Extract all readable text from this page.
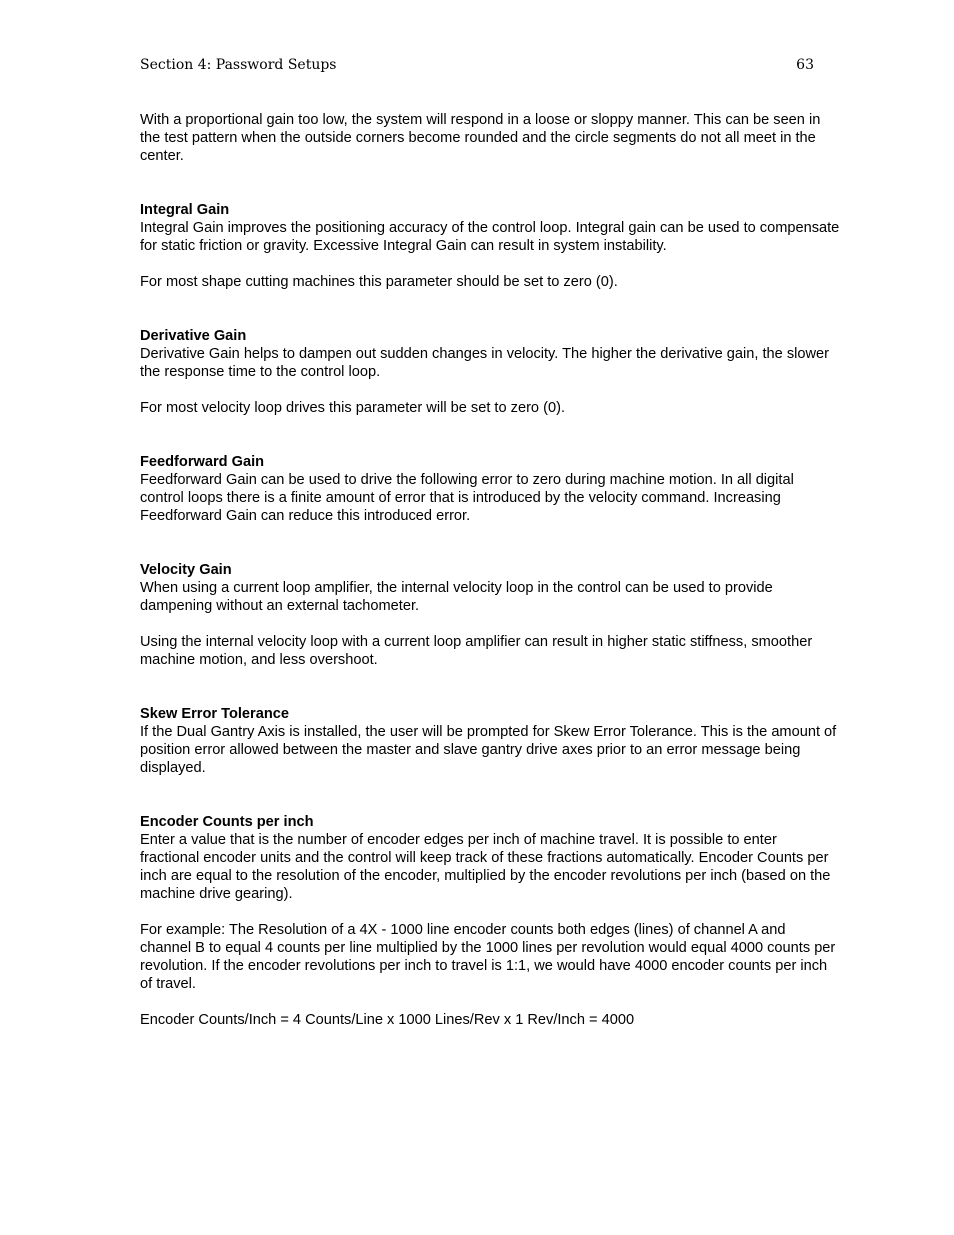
Section 4: Password Setups	63

With a proportional gain too low, the system will respond in a loose or sloppy manner. This can be seen in the test pattern when the outside corners become rounded and the circle segments do not all meet in the center.

Integral Gain

Integral Gain improves the positioning accuracy of the control loop. Integral gain can be used to compensate for static friction or gravity. Excessive Integral Gain can result in system instability.

For most shape cutting machines this parameter should be set to zero (0).

Derivative Gain

Derivative Gain helps to dampen out sudden changes in velocity. The higher the derivative gain, the slower the response time to the control loop.

For most velocity loop drives this parameter will be set to zero (0).

Feedforward Gain

Feedforward Gain can be used to drive the following error to zero during machine motion. In all digital control loops there is a finite amount of error that is introduced by the velocity command. Increasing Feedforward Gain can reduce this introduced error.

Velocity Gain

When using a current loop amplifier, the internal velocity loop in the control can be used to provide dampening without an external tachometer.

Using the internal velocity loop with a current loop amplifier can result in higher static stiffness, smoother machine motion, and less overshoot.

Skew Error Tolerance

If the Dual Gantry Axis is installed, the user will be prompted for Skew Error Tolerance. This is the amount of position error allowed between the master and slave gantry drive axes prior to an error message being displayed.

Encoder Counts per inch

Enter a value that is the number of encoder edges per inch of machine travel. It is possible to enter fractional encoder units and the control will keep track of these fractions automatically. Encoder Counts per inch are equal to the resolution of the encoder, multiplied by the encoder revolutions per inch (based on the machine drive gearing).

For example: The Resolution of a 4X - 1000 line encoder counts both edges (lines) of channel A and channel B to equal 4 counts per line multiplied by the 1000 lines per revolution would equal 4000 counts per revolution. If the encoder revolutions per inch to travel is 1:1, we would have 4000 encoder counts per inch of travel.

Encoder Counts/Inch = 4 Counts/Line x 1000 Lines/Rev x 1 Rev/Inch = 4000
